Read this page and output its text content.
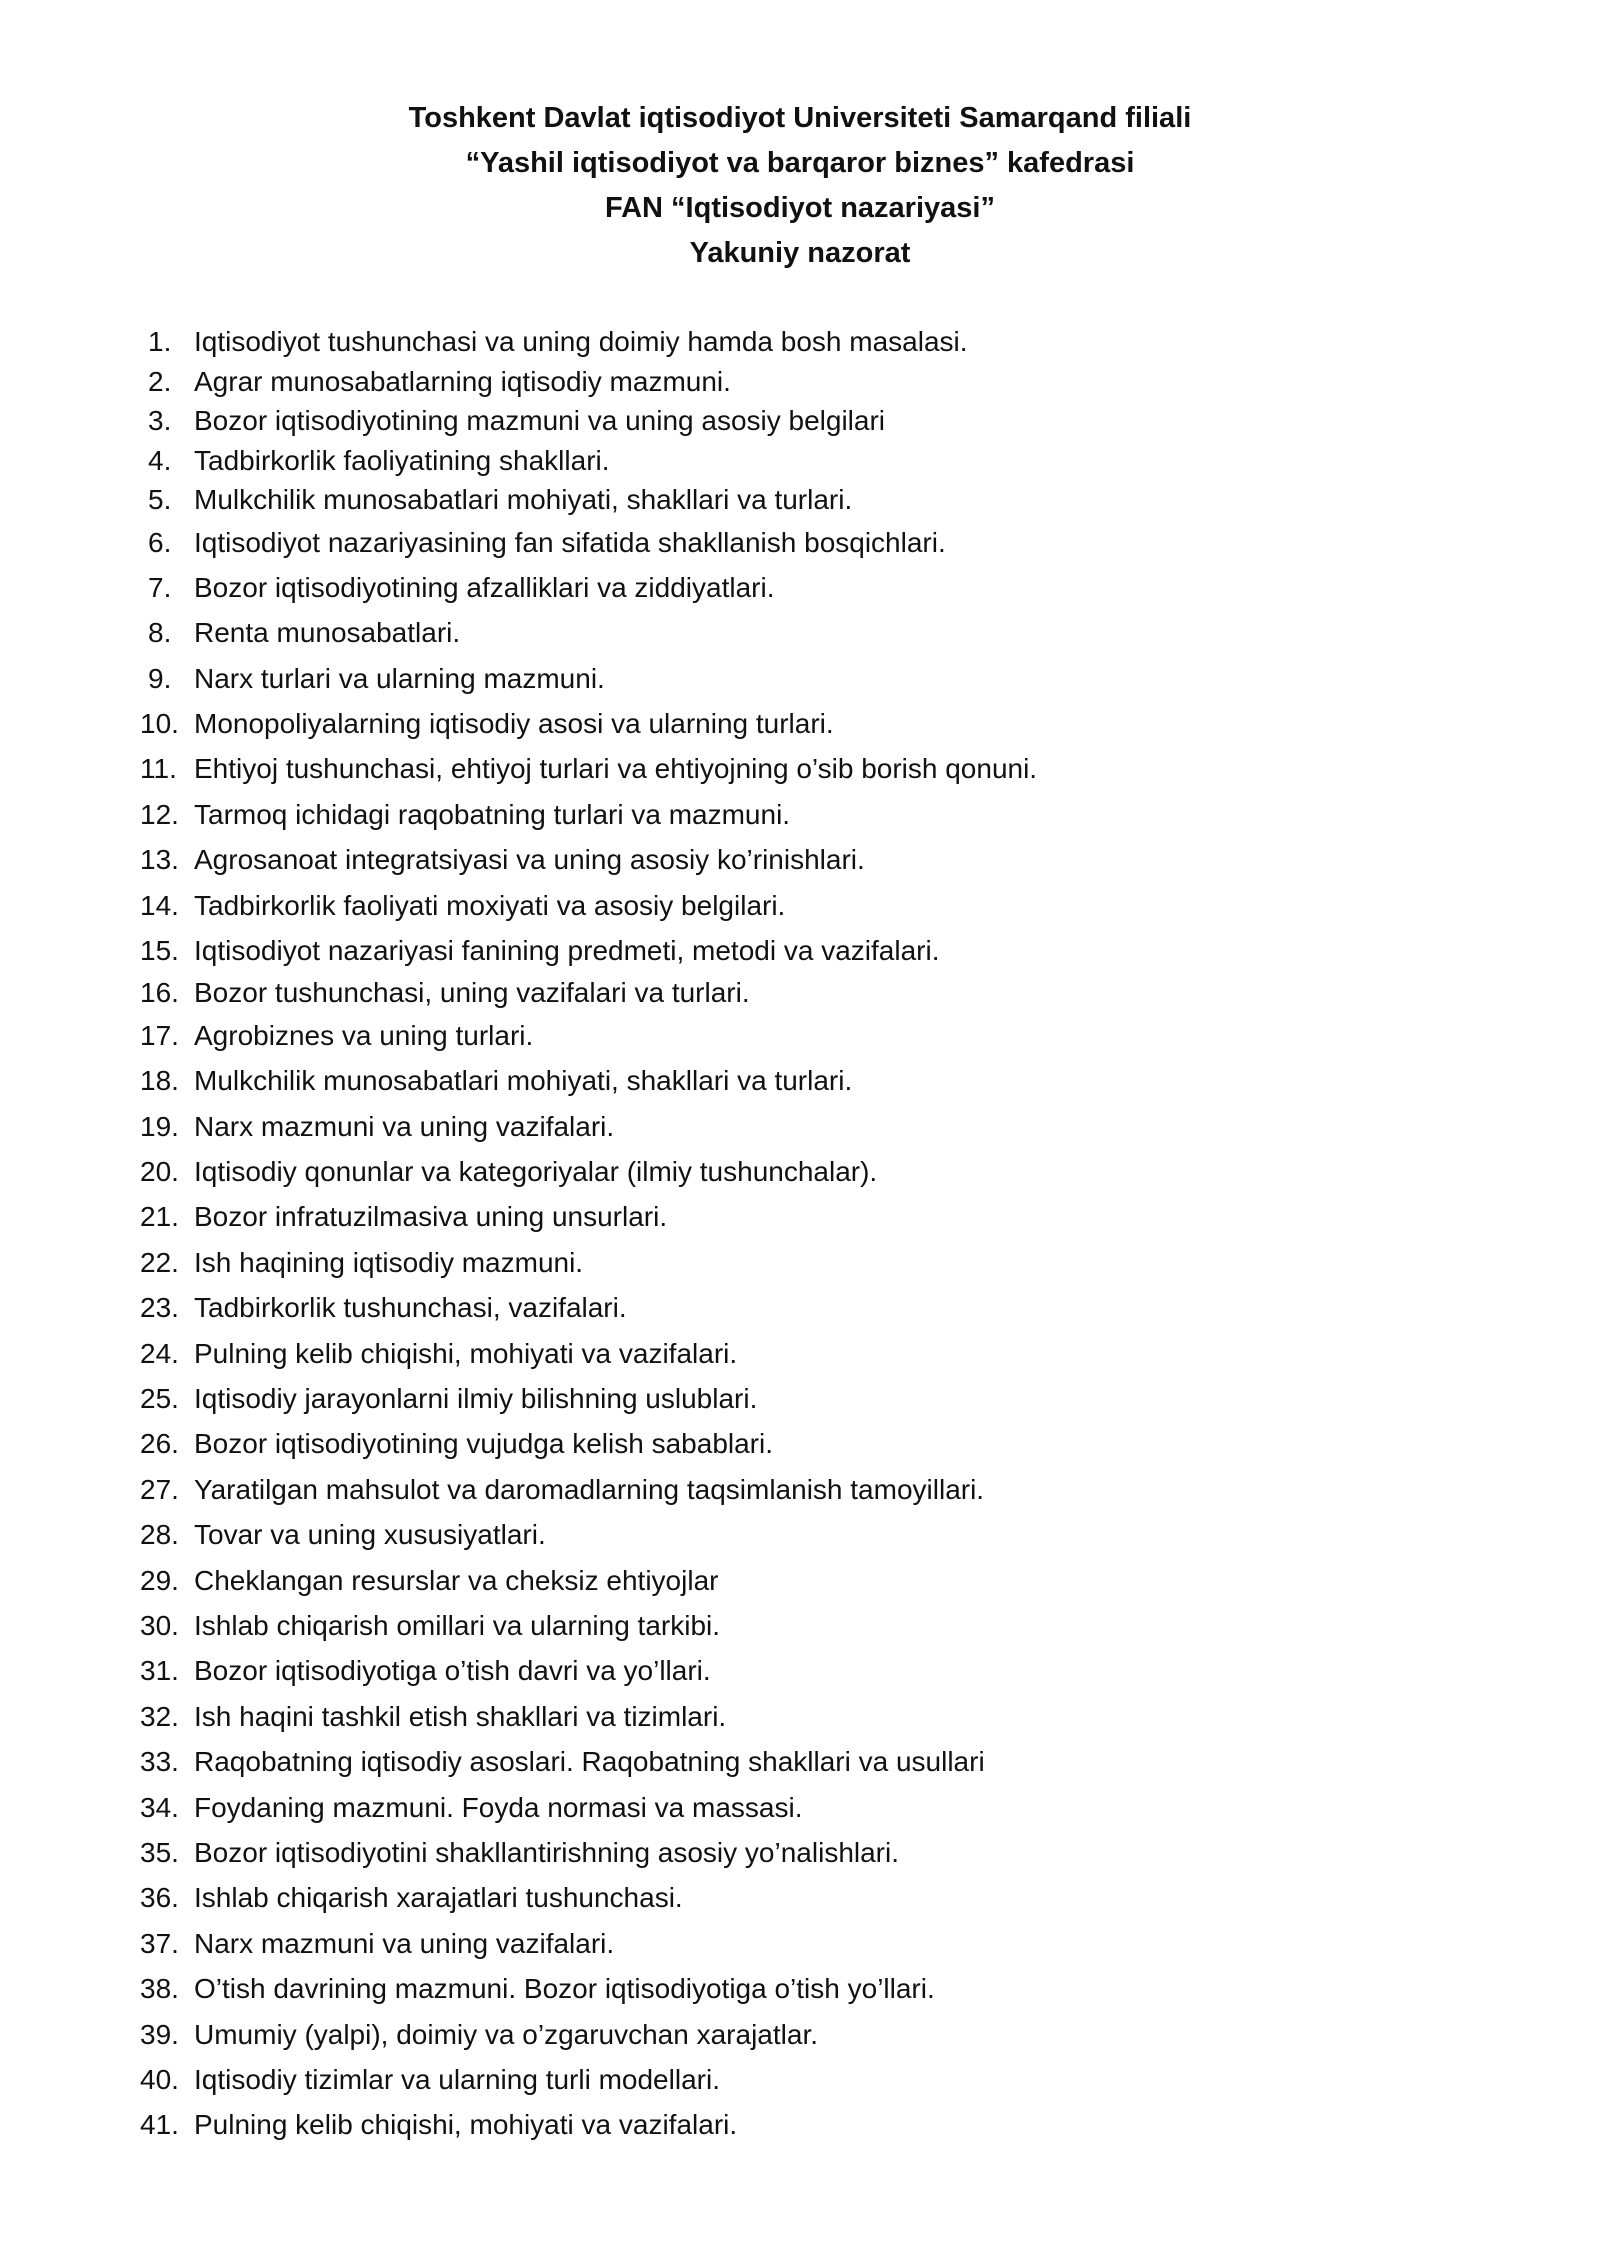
Toshkent Davlat iqtisodiyot Universiteti Samarqand filiali
“Yashil iqtisodiyot va barqaror biznes” kafedrasi
FAN “Iqtisodiyot nazariyasi”
Yakuniy nazorat
1. Iqtisodiyot tushunchasi va uning doimiy hamda bosh masalasi.
2. Agrar munosabatlarning iqtisodiy mazmuni.
3. Bozor iqtisodiyotining mazmuni va uning asosiy belgilari
4. Tadbirkorlik faoliyatining shakllari.
5. Mulkchilik munosabatlari mohiyati, shakllari va turlari.
6. Iqtisodiyot nazariyasining fan sifatida shakllanish bosqichlari.
7. Bozor iqtisodiyotining afzalliklari va ziddiyatlari.
8. Renta munosabatlari.
9. Narx turlari va ularning mazmuni.
10. Monopoliyalarning iqtisodiy asosi va ularning turlari.
11. Ehtiyoj tushunchasi, ehtiyoj turlari va ehtiyojning o’sib borish qonuni.
12. Tarmoq ichidagi raqobatning turlari va mazmuni.
13. Agrosanoat integratsiyasi va uning asosiy ko’rinishlari.
14. Tadbirkorlik faoliyati moxiyati va asosiy belgilari.
15. Iqtisodiyot nazariyasi fanining predmeti, metodi va vazifalari.
16. Bozor tushunchasi, uning vazifalari va turlari.
17. Agrobiznes va uning turlari.
18. Mulkchilik munosabatlari mohiyati, shakllari va turlari.
19. Narx mazmuni va uning vazifalari.
20. Iqtisodiy qonunlar va kategoriyalar (ilmiy tushunchalar).
21. Bozor infratuzilmasiva uning unsurlari.
22. Ish haqining iqtisodiy mazmuni.
23. Tadbirkorlik tushunchasi, vazifalari.
24. Pulning kelib chiqishi, mohiyati va vazifalari.
25. Iqtisodiy jarayonlarni ilmiy bilishning uslublari.
26. Bozor iqtisodiyotining vujudga kelish sabablari.
27. Yaratilgan mahsulot va daromadlarning taqsimlanish tamoyillari.
28. Tovar va uning xususiyatlari.
29. Cheklangan resurslar va cheksiz ehtiyojlar
30. Ishlab chiqarish omillari va ularning tarkibi.
31. Bozor iqtisodiyotiga o’tish davri va yo’llari.
32. Ish haqini tashkil etish shakllari va tizimlari.
33. Raqobatning iqtisodiy asoslari. Raqobatning shakllari va usullari
34. Foydaning mazmuni. Foyda normasi va massasi.
35. Bozor iqtisodiyotini shakllantirishning asosiy yo’nalishlari.
36. Ishlab chiqarish xarajatlari tushunchasi.
37. Narx mazmuni va uning vazifalari.
38. O’tish davrining mazmuni. Bozor iqtisodiyotiga o’tish yo’llari.
39. Umumiy (yalpi), doimiy va o’zgaruvchan xarajatlar.
40. Iqtisodiy tizimlar va ularning turli modellari.
41. Pulning kelib chiqishi, mohiyati va vazifalari.
